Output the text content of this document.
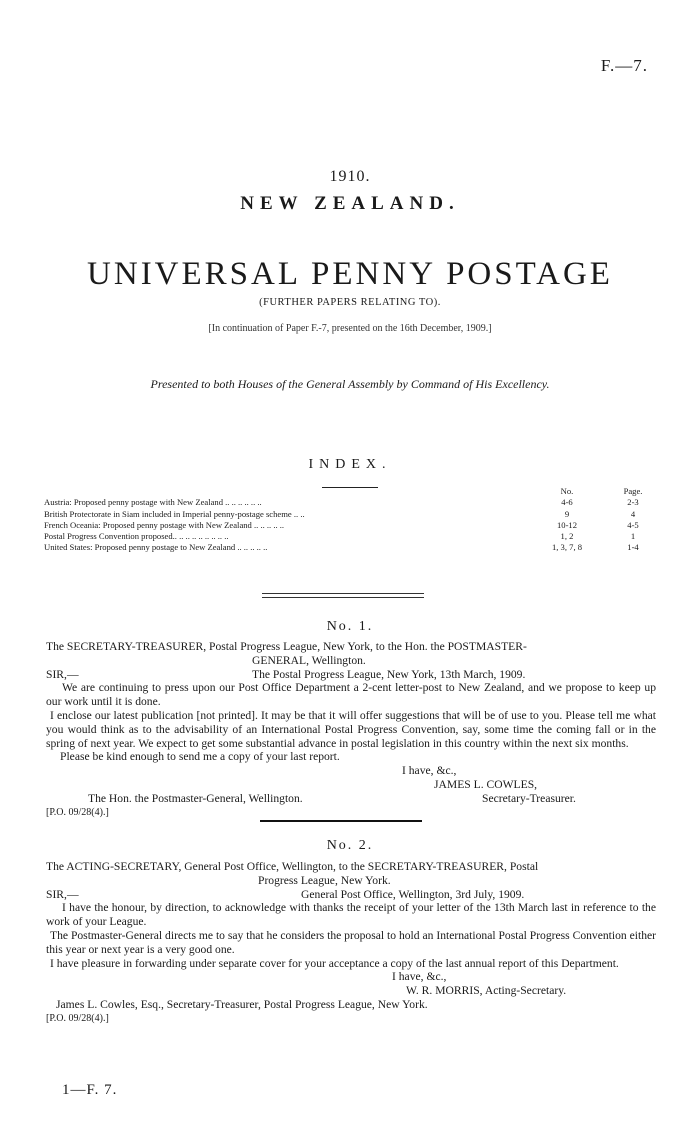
F.—7.
1910.
NEW ZEALAND.
UNIVERSAL PENNY POSTAGE
(FURTHER PAPERS RELATING TO).
[In continuation of Paper F.-7, presented on the 16th December, 1909.]
Presented to both Houses of the General Assembly by Command of His Excellency.
INDEX.
No.	Page.
Austria: Proposed penny postage with New Zealand .. .. .. .. .. ..	4-6	2-3
British Protectorate in Siam included in Imperial penny-postage scheme .. ..	9	4
French Oceania: Proposed penny postage with New Zealand .. .. .. .. ..	10-12	4-5
Postal Progress Convention proposed.. .. .. .. .. .. .. .. ..	1, 2	1
United States: Proposed penny postage to New Zealand .. .. .. .. ..	1, 3, 7, 8	1-4
No. 1.

The SECRETARY-TREASURER, Postal Progress League, New York, to the Hon. the POSTMASTER-

GENERAL, Wellington.

SIR,—	The Postal Progress League, New York, 13th March, 1909.

We are continuing to press upon our Post Office Department a 2-cent letter-post to New Zealand, and we propose to keep up our work until it is done.

I enclose our latest publication [not printed]. It may be that it will offer suggestions that will be of use to you. Please tell me what you would think as to the advisability of an International Postal Progress Convention, say, some time the coming fall or in the spring of next year. We expect to get some substantial advance in postal legislation in this country within the next six months.

Please be kind enough to send me a copy of your last report.

I have, &c.,

JAMES L. COWLES,

The Hon. the Postmaster-General, Wellington.	Secretary-Treasurer.

[P.O. 09/28(4).]

No. 2.

The ACTING-SECRETARY, General Post Office, Wellington, to the SECRETARY-TREASURER, Postal

Progress League, New York.

SIR,—	General Post Office, Wellington, 3rd July, 1909.

I have the honour, by direction, to acknowledge with thanks the receipt of your letter of the 13th March last in reference to the work of your League.

The Postmaster-General directs me to say that he considers the proposal to hold an International Postal Progress Convention either this year or next year is a very good one.

I have pleasure in forwarding under separate cover for your acceptance a copy of the last annual report of this Department.

I have, &c.,

W. R. MORRIS, Acting-Secretary.

James L. Cowles, Esq., Secretary-Treasurer, Postal Progress League, New York.

[P.O. 09/28(4).]

1—F. 7.
